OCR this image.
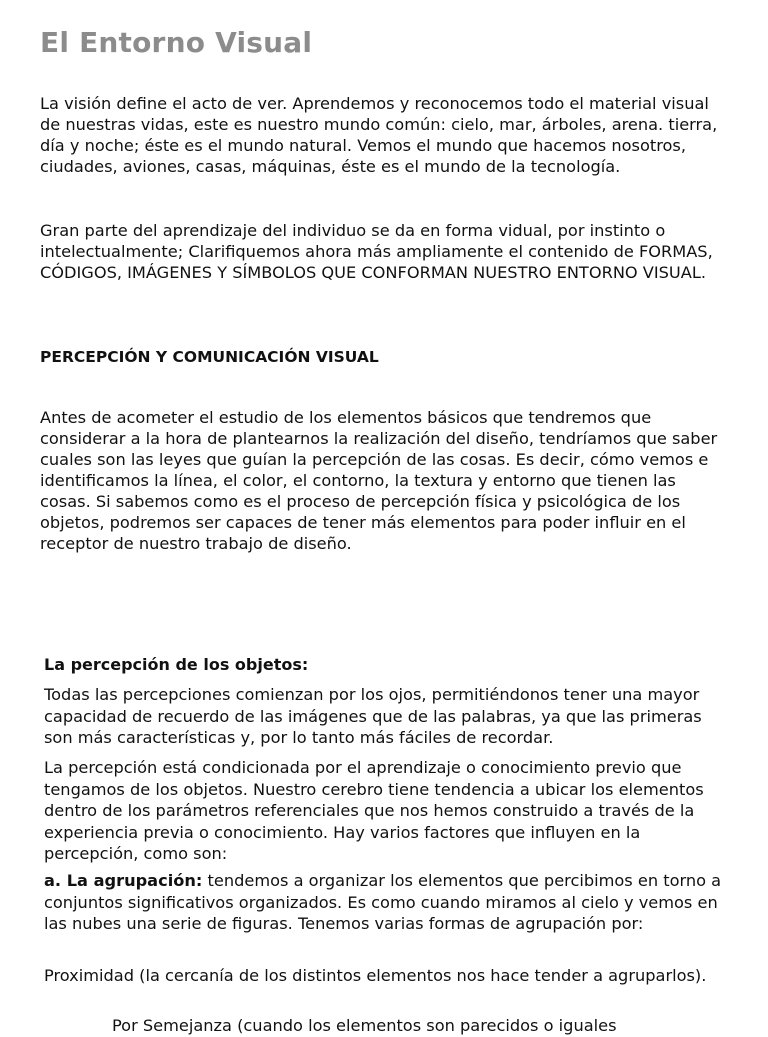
El Entorno Visual

La visión define el acto de ver. Aprendemos y reconocemos todo el material visual de nuestras vidas, este es nuestro mundo común: cielo, mar, árboles, arena. tierra, día y noche; éste es el mundo natural. Vemos el mundo que hacemos nosotros, ciudades, aviones, casas, máquinas, éste es el mundo de la tecnología.

Gran parte del aprendizaje del individuo se da en forma vidual, por instinto o intelectualmente; Clarifiquemos ahora más ampliamente el contenido de FORMAS, CÓDIGOS, IMÁGENES Y SÍMBOLOS QUE CONFORMAN NUESTRO ENTORNO VISUAL.

PERCEPCIÓN Y COMUNICACIÓN VISUAL

Antes de acometer el estudio de los elementos básicos que tendremos que considerar a la hora de plantearnos la realización del diseño, tendríamos que saber cuales son las leyes que guían la percepción de las cosas. Es decir, cómo vemos e identificamos la línea, el color, el contorno, la textura y entorno que tienen las cosas. Si sabemos como es el proceso de percepción física y psicológica de los objetos, podremos ser capaces de tener más elementos para poder influir en el receptor de nuestro trabajo de diseño.

La percepción de los objetos:

Todas las percepciones comienzan por los ojos, permitiéndonos tener una mayor capacidad de recuerdo de las imágenes que de las palabras, ya que las primeras son más características y, por lo tanto más fáciles de recordar.

La percepción está condicionada por el aprendizaje o conocimiento previo que tengamos de los objetos. Nuestro cerebro tiene tendencia a ubicar los elementos dentro de los parámetros referenciales que nos hemos construido a través de la experiencia previa o conocimiento. Hay varios factores que influyen en la percepción, como son:

a. La agrupación: tendemos a organizar los elementos que percibimos en torno a conjuntos significativos organizados. Es como cuando miramos al cielo y vemos en las nubes una serie de figuras. Tenemos varias formas de agrupación por:

Proximidad (la cercanía de los distintos elementos nos hace tender a agruparlos).

Por Semejanza (cuando los elementos son parecidos o iguales
